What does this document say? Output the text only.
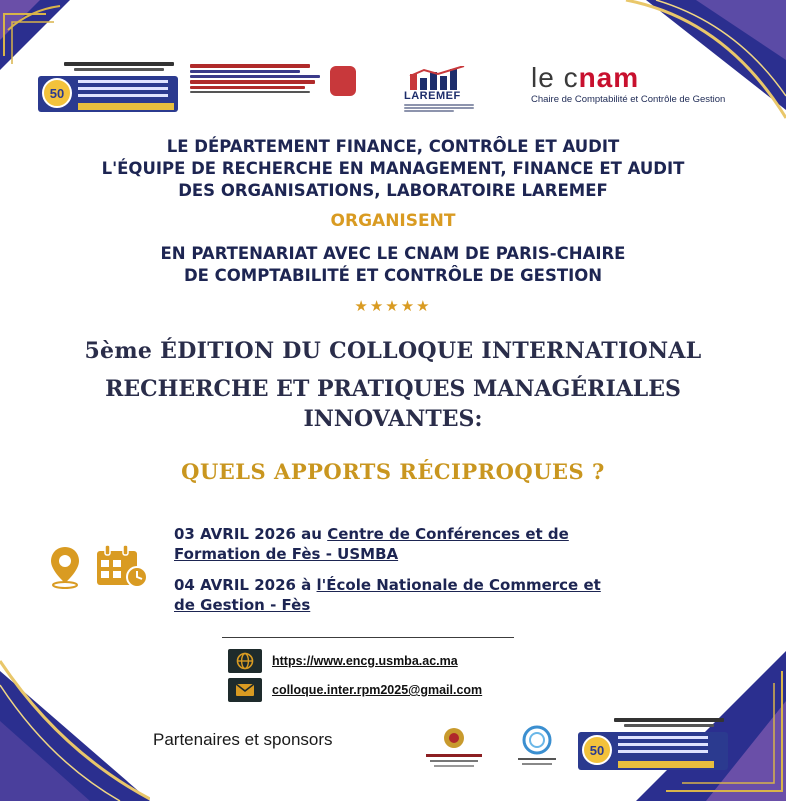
50	LAREMEF
le cnam
Chaire de Comptabilité et Contrôle de Gestion
LE DÉPARTEMENT FINANCE, CONTRÔLE ET AUDIT
L'ÉQUIPE DE RECHERCHE EN MANAGEMENT, FINANCE ET AUDIT
DES ORGANISATIONS, LABORATOIRE LAREMEF
ORGANISENT
EN PARTENARIAT AVEC LE CNAM DE PARIS-CHAIRE
DE COMPTABILITÉ ET CONTRÔLE DE GESTION
★★★★★
5ème ÉDITION DU COLLOQUE INTERNATIONAL
RECHERCHE ET PRATIQUES MANAGÉRIALES
INNOVANTES:
QUELS APPORTS RÉCIPROQUES ?
03 AVRIL 2026 au Centre de Conférences et de
Formation de Fès - USMBA
04 AVRIL 2026 à l'École Nationale de Commerce et
de Gestion - Fès
https://www.encg.usmba.ac.ma
colloque.inter.rpm2025@gmail.com
Partenaires et sponsors
50
